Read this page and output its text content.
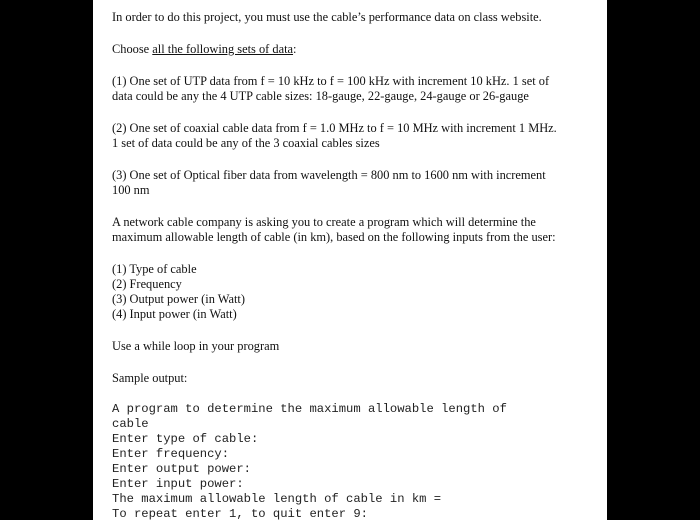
In order to do this project, you must use the cable’s performance data on class website.

Choose all the following sets of data:

(1) One set of UTP data from f = 10 kHz to f = 100 kHz with increment 10 kHz. 1 set of

data could be any the 4 UTP cable sizes: 18-gauge, 22-gauge, 24-gauge or 26-gauge

(2) One set of coaxial cable data from f = 1.0 MHz to f = 10 MHz with increment 1 MHz.

1 set of data could be any of the 3 coaxial cables sizes

(3) One set of Optical fiber data from wavelength = 800 nm to 1600 nm with increment

100 nm

A network cable company is asking you to create a program which will determine the

maximum allowable length of cable (in km), based on the following inputs from the user:

(1) Type of cable

(2) Frequency

(3) Output power (in Watt)

(4) Input power (in Watt)

Use a while loop in your program

Sample output:

A program to determine the maximum allowable length of
cable
Enter type of cable:
Enter frequency:
Enter output power:
Enter input power:
The maximum allowable length of cable in km =
To repeat enter 1, to quit enter 9:
